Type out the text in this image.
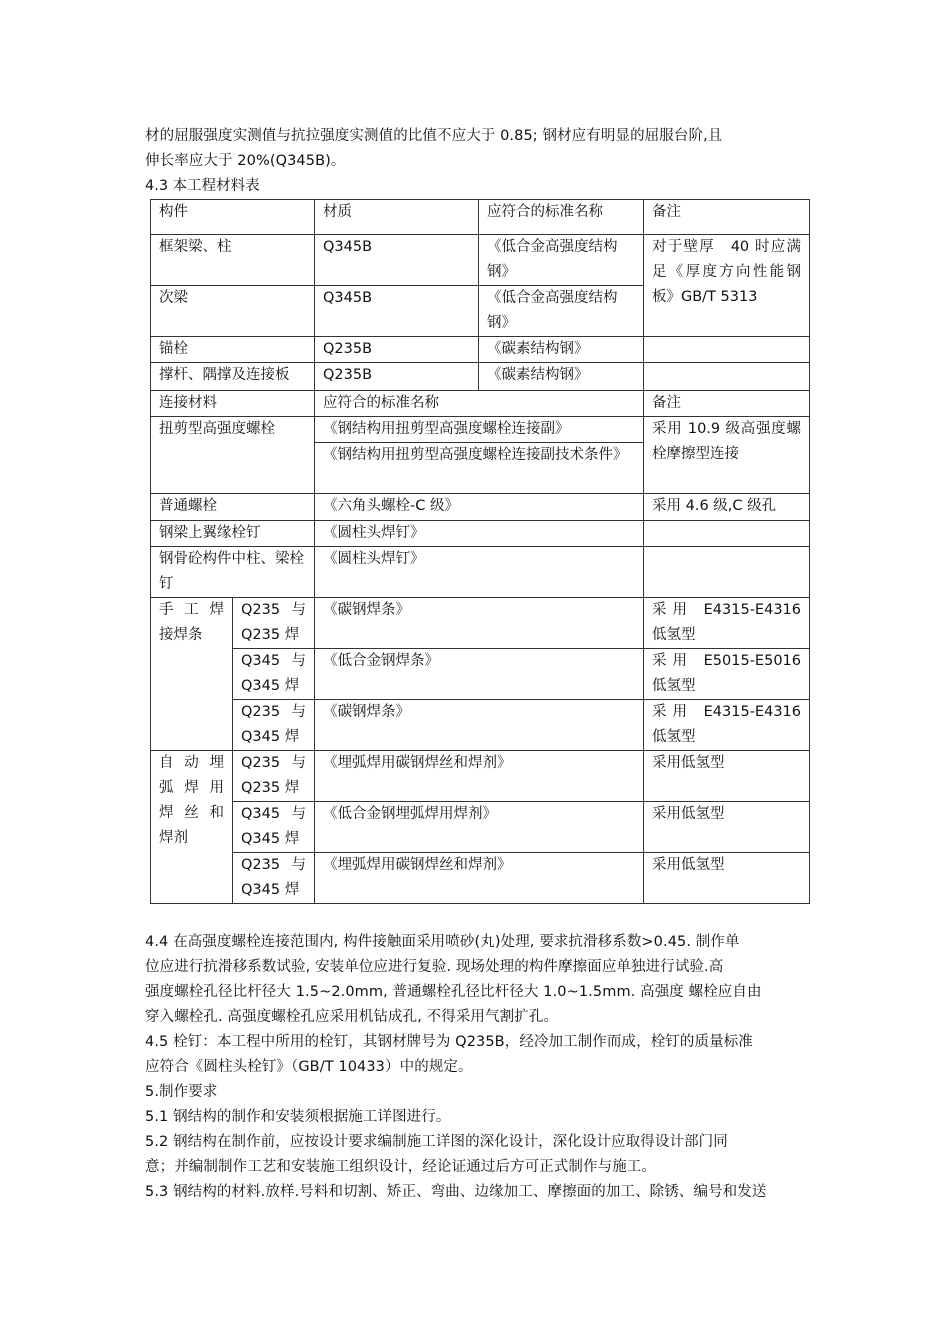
材的屈服强度实测值与抗拉强度实测值的比值不应大于 0.85; 钢材应有明显的屈服台阶,且

伸长率应大于 20%(Q345B)。

4.3 本工程材料表

构件		材质	应符合的标准名称	备注
框架梁、柱		Q345B	《低合金高强度结构钢》	对于壁厚　40 时应满足《厚度方向性能钢板》GB/T 5313
次梁		Q345B	《低合金高强度结构钢》	
锚栓		Q235B	《碳素结构钢》	
撑杆、隅撑及连接板		Q235B	《碳素结构钢》	
连接材料		应符合的标准名称		备注
扭剪型高强度螺栓		《钢结构用扭剪型高强度螺栓连接副》		采用 10.9 级高强度螺栓摩擦型连接
		《钢结构用扭剪型高强度螺栓连接副技术条件》		
普通螺栓		《六角头螺栓-C 级》		采用 4.6 级,C 级孔
钢梁上翼缘栓钉		《圆柱头焊钉》		
钢骨砼构件中柱、梁栓钉		《圆柱头焊钉》		
手 工 焊 接焊条	Q235 与 Q235 焊	《碳钢焊条》		采用 E4315-E4316 低氢型
	Q345 与 Q345 焊	《低合金钢焊条》		采用 E5015-E5016 低氢型
	Q235 与 Q345 焊	《碳钢焊条》		采用 E4315-E4316 低氢型
自 动 埋 弧 焊 用 焊 丝 和 焊剂	Q235 与 Q235 焊	《埋弧焊用碳钢焊丝和焊剂》		采用低氢型
	Q345 与 Q345 焊	《低合金钢埋弧焊用焊剂》		采用低氢型
	Q235 与 Q345 焊	《埋弧焊用碳钢焊丝和焊剂》		采用低氢型

4.4 在高强度螺栓连接范围内, 构件接触面采用喷砂(丸)处理, 要求抗滑移系数>0.45. 制作单

位应进行抗滑移系数试验, 安装单位应进行复验. 现场处理的构件摩擦面应单独进行试验.高

强度螺栓孔径比杆径大 1.5~2.0mm, 普通螺栓孔径比杆径大 1.0~1.5mm. 高强度 螺栓应自由

穿入螺栓孔. 高强度螺栓孔应采用机钻成孔, 不得采用气割扩孔。

4.5 栓钉：本工程中所用的栓钉，其钢材牌号为 Q235B，经冷加工制作而成，栓钉的质量标准

应符合《圆柱头栓钉》（GB/T 10433）中的规定。

5.制作要求

5.1 钢结构的制作和安装须根据施工详图进行。

5.2 钢结构在制作前，应按设计要求编制施工详图的深化设计，深化设计应取得设计部门同

意；并编制制作工艺和安装施工组织设计，经论证通过后方可正式制作与施工。

5.3 钢结构的材料.放样.号料和切割、矫正、弯曲、边缘加工、摩擦面的加工、除锈、编号和发送
